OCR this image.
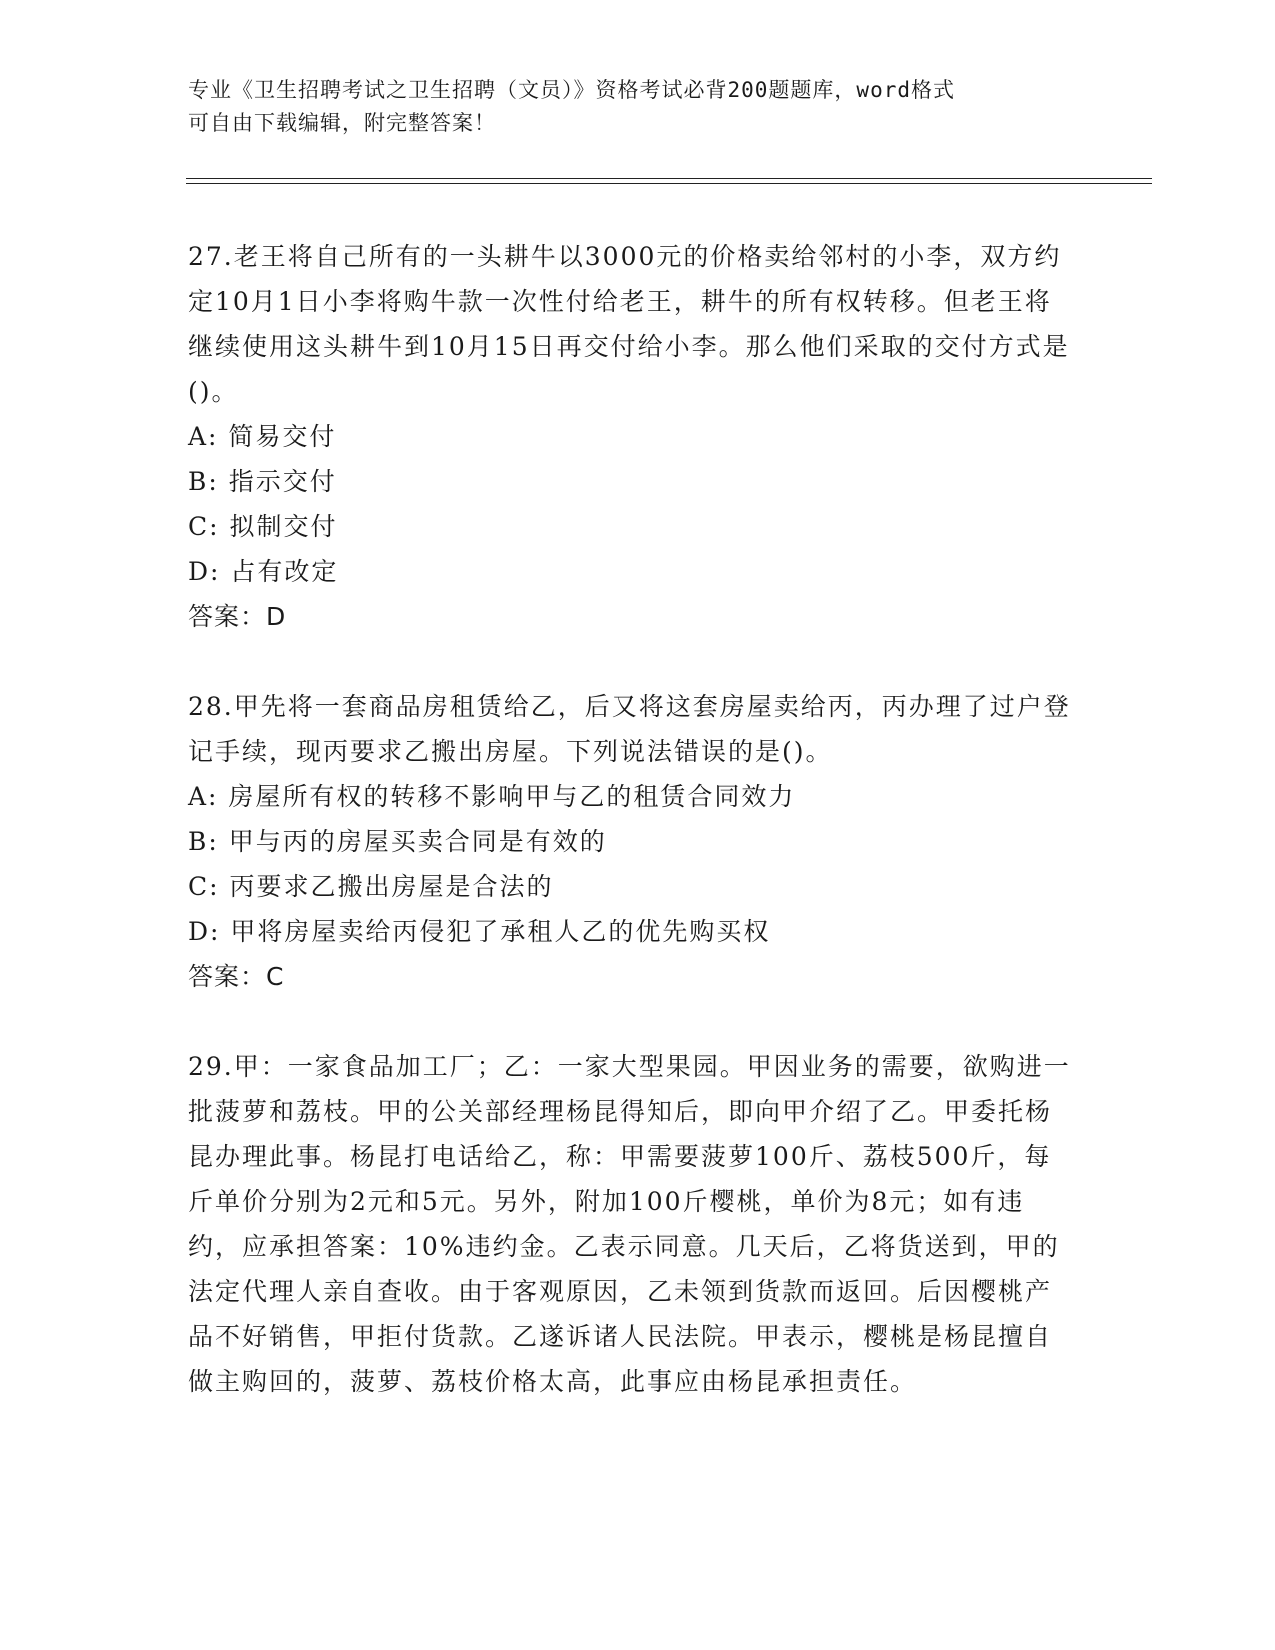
专业《卫生招聘考试之卫生招聘（文员）》资格考试必背200题题库，word格式
可自由下载编辑，附完整答案！

27.老王将自己所有的一头耕牛以3000元的价格卖给邻村的小李，双方约定10月1日小李将购牛款一次性付给老王，耕牛的所有权转移。但老王将继续使用这头耕牛到10月15日再交付给小李。那么他们采取的交付方式是()。

A: 简易交付

B: 指示交付

C: 拟制交付

D: 占有改定

答案：D

28.甲先将一套商品房租赁给乙，后又将这套房屋卖给丙，丙办理了过户登记手续，现丙要求乙搬出房屋。下列说法错误的是()。

A: 房屋所有权的转移不影响甲与乙的租赁合同效力

B: 甲与丙的房屋买卖合同是有效的

C: 丙要求乙搬出房屋是合法的

D: 甲将房屋卖给丙侵犯了承租人乙的优先购买权

答案：C

29.甲：一家食品加工厂；乙：一家大型果园。甲因业务的需要，欲购进一批菠萝和荔枝。甲的公关部经理杨昆得知后，即向甲介绍了乙。甲委托杨昆办理此事。杨昆打电话给乙，称：甲需要菠萝100斤、荔枝500斤，每斤单价分别为2元和5元。另外，附加100斤樱桃，单价为8元；如有违约，应承担答案：10%违约金。乙表示同意。几天后，乙将货送到，甲的法定代理人亲自查收。由于客观原因，乙未领到货款而返回。后因樱桃产品不好销售，甲拒付货款。乙遂诉诸人民法院。甲表示，樱桃是杨昆擅自做主购回的，菠萝、荔枝价格太高，此事应由杨昆承担责任。
